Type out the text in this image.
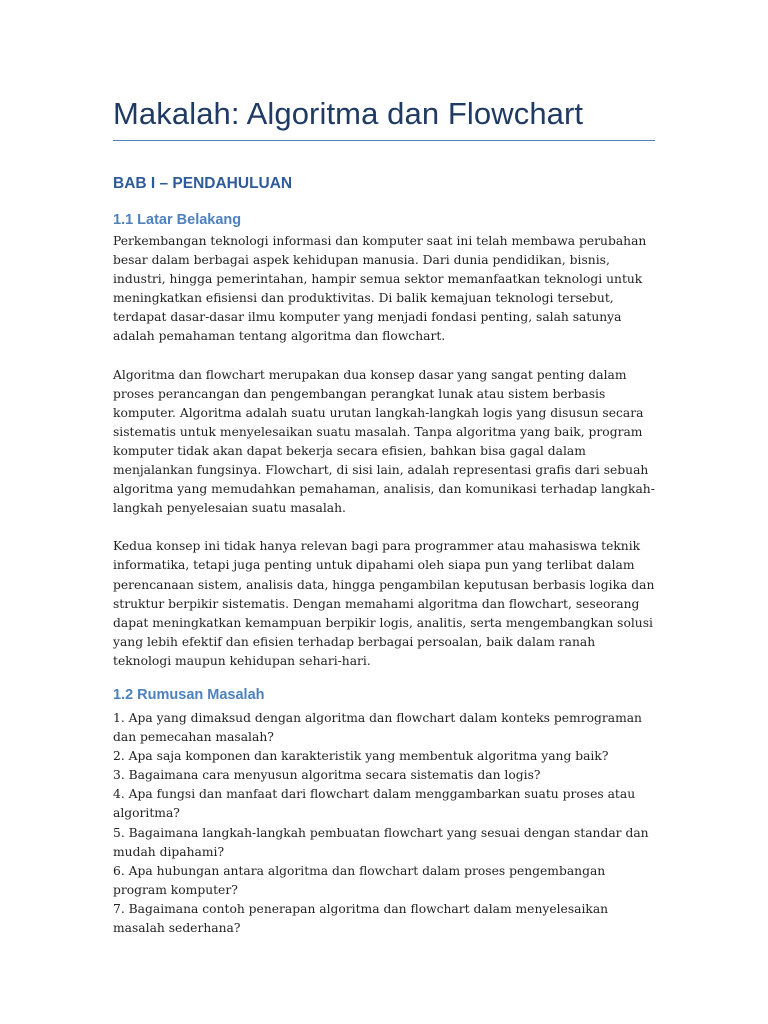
Makalah: Algoritma dan Flowchart
BAB I – PENDAHULUAN
1.1 Latar Belakang

Perkembangan teknologi informasi dan komputer saat ini telah membawa perubahan besar dalam berbagai aspek kehidupan manusia. Dari dunia pendidikan, bisnis, industri, hingga pemerintahan, hampir semua sektor memanfaatkan teknologi untuk meningkatkan efisiensi dan produktivitas. Di balik kemajuan teknologi tersebut, terdapat dasar-dasar ilmu komputer yang menjadi fondasi penting, salah satunya adalah pemahaman tentang algoritma dan flowchart.

Algoritma dan flowchart merupakan dua konsep dasar yang sangat penting dalam proses perancangan dan pengembangan perangkat lunak atau sistem berbasis komputer. Algoritma adalah suatu urutan langkah-langkah logis yang disusun secara sistematis untuk menyelesaikan suatu masalah. Tanpa algoritma yang baik, program komputer tidak akan dapat bekerja secara efisien, bahkan bisa gagal dalam menjalankan fungsinya. Flowchart, di sisi lain, adalah representasi grafis dari sebuah algoritma yang memudahkan pemahaman, analisis, dan komunikasi terhadap langkah-langkah penyelesaian suatu masalah.

Kedua konsep ini tidak hanya relevan bagi para programmer atau mahasiswa teknik informatika, tetapi juga penting untuk dipahami oleh siapa pun yang terlibat dalam perencanaan sistem, analisis data, hingga pengambilan keputusan berbasis logika dan struktur berpikir sistematis. Dengan memahami algoritma dan flowchart, seseorang dapat meningkatkan kemampuan berpikir logis, analitis, serta mengembangkan solusi yang lebih efektif dan efisien terhadap berbagai persoalan, baik dalam ranah teknologi maupun kehidupan sehari-hari.

1.2 Rumusan Masalah
1. Apa yang dimaksud dengan algoritma dan flowchart dalam konteks pemrograman dan pemecahan masalah?
2. Apa saja komponen dan karakteristik yang membentuk algoritma yang baik?
3. Bagaimana cara menyusun algoritma secara sistematis dan logis?
4. Apa fungsi dan manfaat dari flowchart dalam menggambarkan suatu proses atau algoritma?
5. Bagaimana langkah-langkah pembuatan flowchart yang sesuai dengan standar dan mudah dipahami?
6. Apa hubungan antara algoritma dan flowchart dalam proses pengembangan program komputer?
7. Bagaimana contoh penerapan algoritma dan flowchart dalam menyelesaikan masalah sederhana?
